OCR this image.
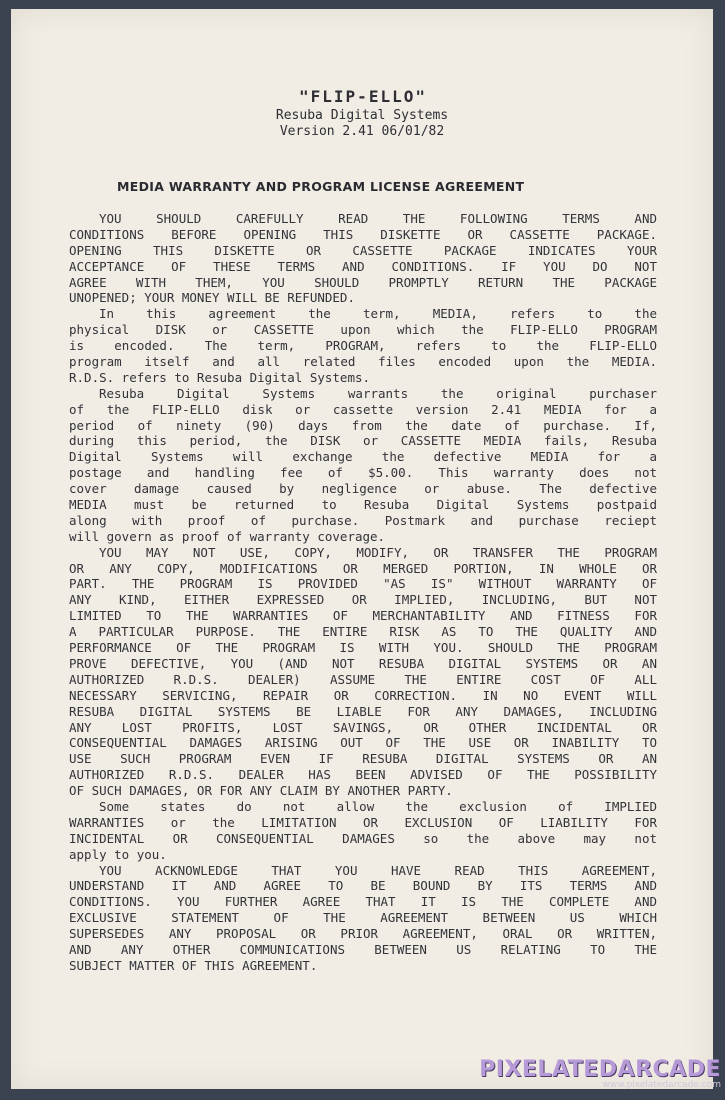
"FLIP-ELLO"
Resuba Digital Systems
Version 2.41 06/01/82
MEDIA WARRANTY AND PROGRAM LICENSE AGREEMENT
YOU SHOULD CAREFULLY READ THE FOLLOWING TERMS AND
CONDITIONS BEFORE OPENING THIS DISKETTE OR CASSETTE PACKAGE.
OPENING THIS DISKETTE OR CASSETTE PACKAGE INDICATES YOUR
ACCEPTANCE OF THESE TERMS AND CONDITIONS. IF YOU DO NOT
AGREE WITH THEM, YOU SHOULD PROMPTLY RETURN THE PACKAGE
UNOPENED; YOUR MONEY WILL BE REFUNDED.
In this agreement the term, MEDIA, refers to the
physical DISK or CASSETTE upon which the FLIP-ELLO PROGRAM
is encoded. The term, PROGRAM, refers to the FLIP-ELLO
program itself and all related files encoded upon the MEDIA.
R.D.S. refers to Resuba Digital Systems.
Resuba Digital Systems warrants the original purchaser
of the FLIP-ELLO disk or cassette version 2.41 MEDIA for a
period of ninety (90) days from the date of purchase. If,
during this period, the DISK or CASSETTE MEDIA fails, Resuba
Digital Systems will exchange the defective MEDIA for a
postage and handling fee of $5.00. This warranty does not
cover damage caused by negligence or abuse. The defective
MEDIA must be returned to Resuba Digital Systems postpaid
along with proof of purchase. Postmark and purchase reciept
will govern as proof of warranty coverage.
YOU MAY NOT USE, COPY, MODIFY, OR TRANSFER THE PROGRAM
OR ANY COPY, MODIFICATIONS OR MERGED PORTION, IN WHOLE OR
PART. THE PROGRAM IS PROVIDED "AS IS" WITHOUT WARRANTY OF
ANY KIND, EITHER EXPRESSED OR IMPLIED, INCLUDING, BUT NOT
LIMITED TO THE WARRANTIES OF MERCHANTABILITY AND FITNESS FOR
A PARTICULAR PURPOSE. THE ENTIRE RISK AS TO THE QUALITY AND
PERFORMANCE OF THE PROGRAM IS WITH YOU. SHOULD THE PROGRAM
PROVE DEFECTIVE, YOU (AND NOT RESUBA DIGITAL SYSTEMS OR AN
AUTHORIZED R.D.S. DEALER) ASSUME THE ENTIRE COST OF ALL
NECESSARY SERVICING, REPAIR OR CORRECTION. IN NO EVENT WILL
RESUBA DIGITAL SYSTEMS BE LIABLE FOR ANY DAMAGES, INCLUDING
ANY LOST PROFITS, LOST SAVINGS, OR OTHER INCIDENTAL OR
CONSEQUENTIAL DAMAGES ARISING OUT OF THE USE OR INABILITY TO
USE SUCH PROGRAM EVEN IF RESUBA DIGITAL SYSTEMS OR AN
AUTHORIZED R.D.S. DEALER HAS BEEN ADVISED OF THE POSSIBILITY
OF SUCH DAMAGES, OR FOR ANY CLAIM BY ANOTHER PARTY.
Some states do not allow the exclusion of IMPLIED
WARRANTIES or the LIMITATION OR EXCLUSION OF LIABILITY FOR
INCIDENTAL OR CONSEQUENTIAL DAMAGES so the above may not
apply to you.
YOU ACKNOWLEDGE THAT YOU HAVE READ THIS AGREEMENT,
UNDERSTAND IT AND AGREE TO BE BOUND BY ITS TERMS AND
CONDITIONS. YOU FURTHER AGREE THAT IT IS THE COMPLETE AND
EXCLUSIVE STATEMENT OF THE AGREEMENT BETWEEN US WHICH
SUPERSEDES ANY PROPOSAL OR PRIOR AGREEMENT, ORAL OR WRITTEN,
AND ANY OTHER COMMUNICATIONS BETWEEN US RELATING TO THE
SUBJECT MATTER OF THIS AGREEMENT.
PIXELATEDARCADE
www.pixelatedarcade.com
